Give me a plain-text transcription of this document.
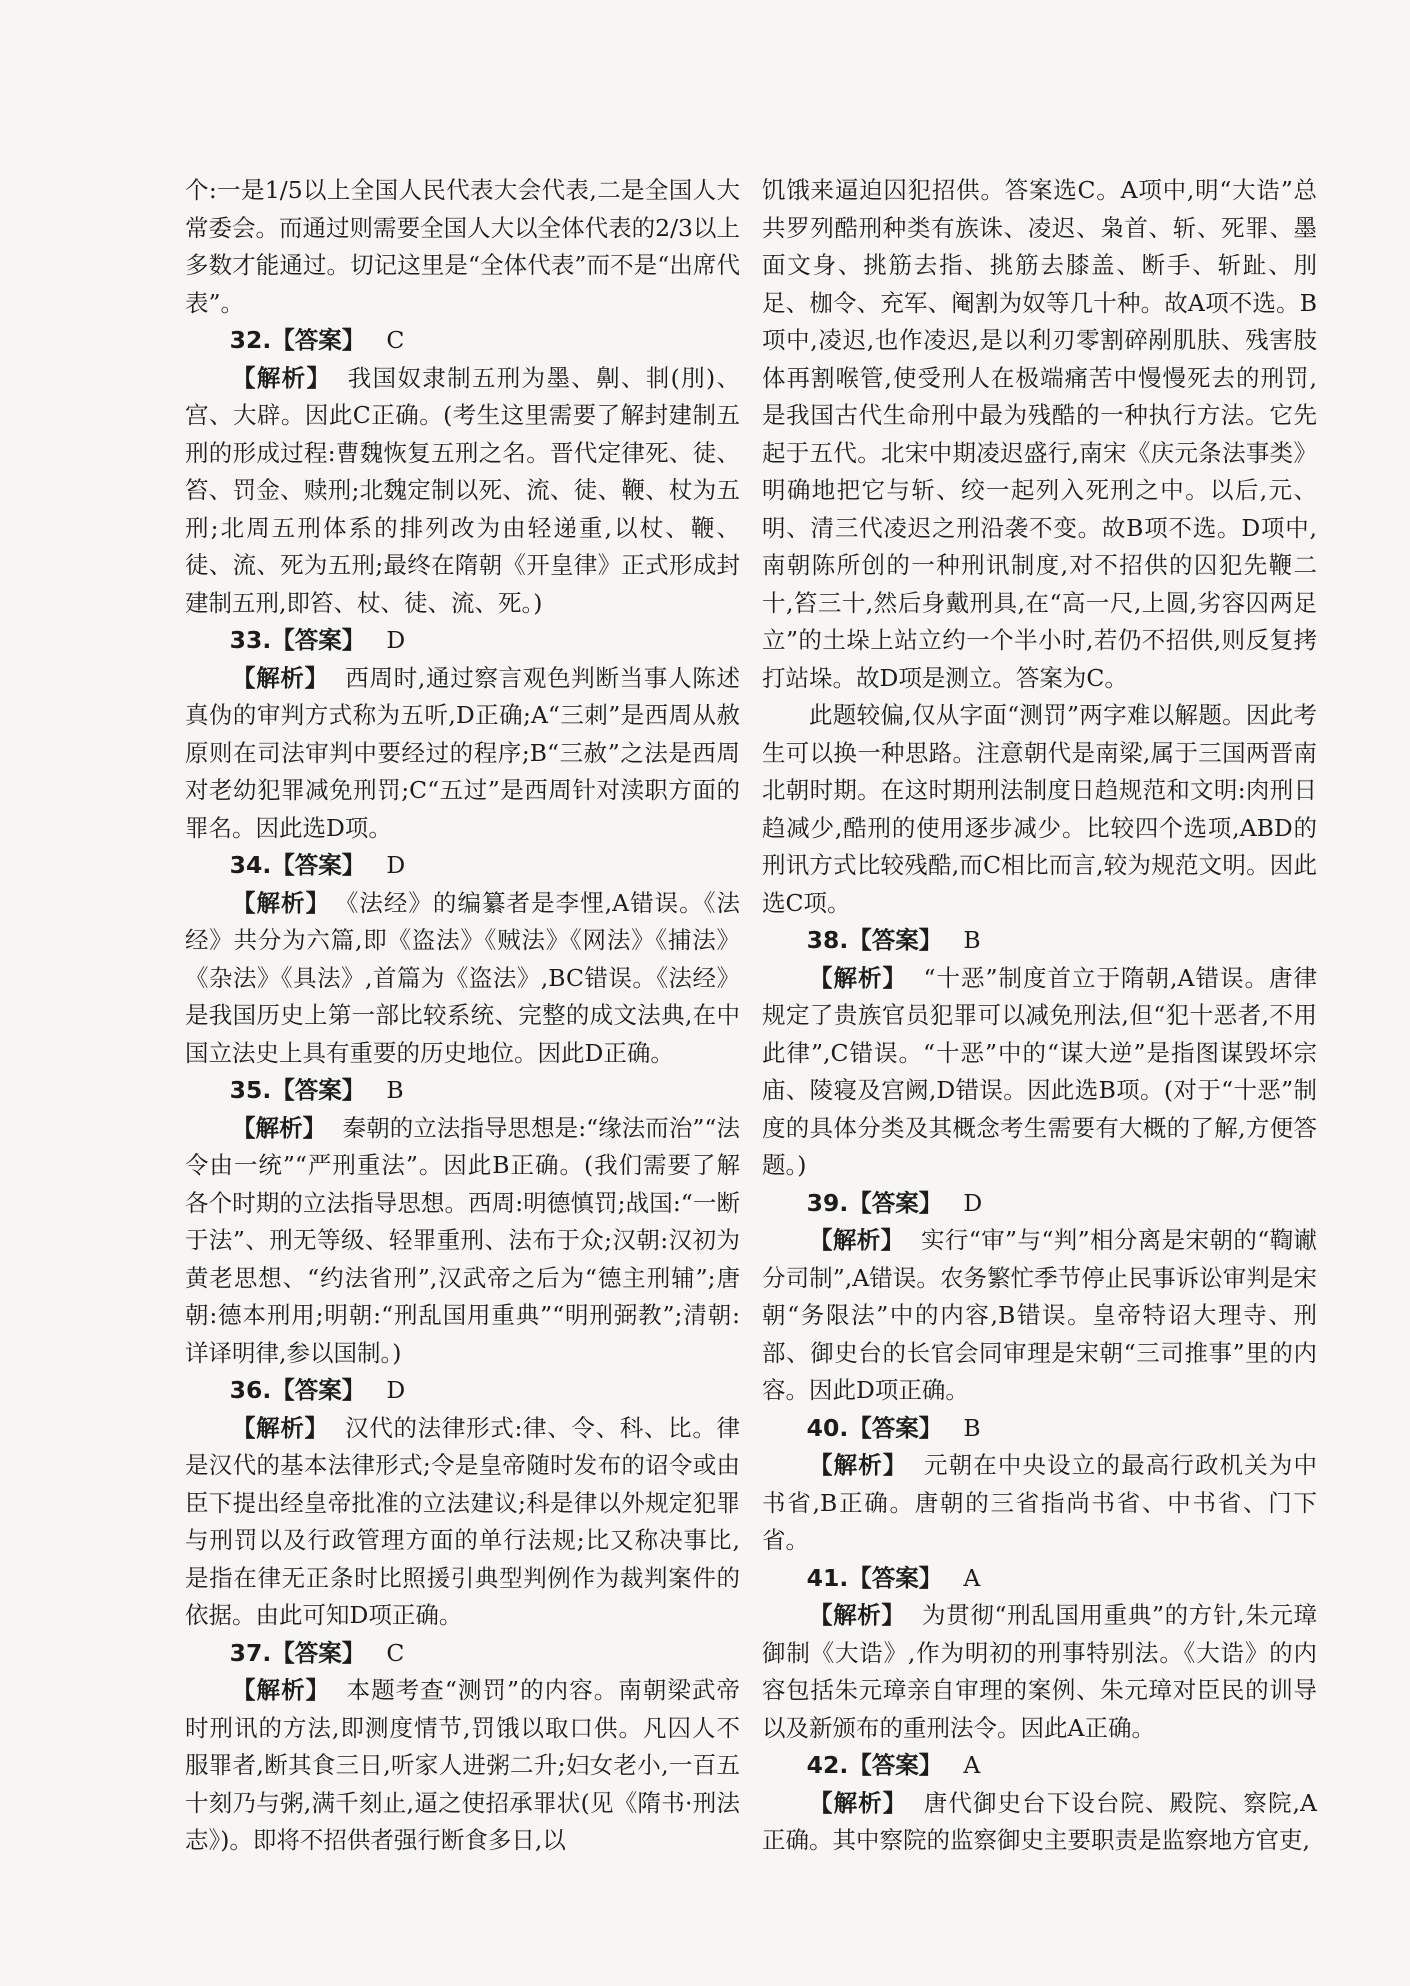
个:一是1/5以上全国人民代表大会代表,二是全国人大常委会。而通过则需要全国人大以全体代表的2/3以上多数才能通过。切记这里是“全体代表”而不是“出席代表”。

32.【答案】 C

【解析】 我国奴隶制五刑为墨、劓、剕(刖)、宫、大辟。因此C正确。(考生这里需要了解封建制五刑的形成过程:曹魏恢复五刑之名。晋代定律死、徒、笞、罚金、赎刑;北魏定制以死、流、徒、鞭、杖为五刑;北周五刑体系的排列改为由轻递重,以杖、鞭、徒、流、死为五刑;最终在隋朝《开皇律》正式形成封建制五刑,即笞、杖、徒、流、死。)

33.【答案】 D

【解析】 西周时,通过察言观色判断当事人陈述真伪的审判方式称为五听,D正确;A“三刺”是西周从赦原则在司法审判中要经过的程序;B“三赦”之法是西周对老幼犯罪减免刑罚;C“五过”是西周针对渎职方面的罪名。因此选D项。

34.【答案】 D

【解析】 《法经》的编纂者是李悝,A错误。《法经》共分为六篇,即《盗法》《贼法》《网法》《捕法》《杂法》《具法》,首篇为《盗法》,BC错误。《法经》是我国历史上第一部比较系统、完整的成文法典,在中国立法史上具有重要的历史地位。因此D正确。

35.【答案】 B

【解析】 秦朝的立法指导思想是:“缘法而治”“法令由一统”“严刑重法”。因此B正确。(我们需要了解各个时期的立法指导思想。西周:明德慎罚;战国:“一断于法”、刑无等级、轻罪重刑、法布于众;汉朝:汉初为黄老思想、“约法省刑”,汉武帝之后为“德主刑辅”;唐朝:德本刑用;明朝:“刑乱国用重典”“明刑弼教”;清朝:详译明律,参以国制。)

36.【答案】 D

【解析】 汉代的法律形式:律、令、科、比。律是汉代的基本法律形式;令是皇帝随时发布的诏令或由臣下提出经皇帝批准的立法建议;科是律以外规定犯罪与刑罚以及行政管理方面的单行法规;比又称决事比,是指在律无正条时比照援引典型判例作为裁判案件的依据。由此可知D项正确。

37.【答案】 C

【解析】 本题考查“测罚”的内容。南朝梁武帝时刑讯的方法,即测度情节,罚饿以取口供。凡囚人不服罪者,断其食三日,听家人进粥二升;妇女老小,一百五十刻乃与粥,满千刻止,逼之使招承罪状(见《隋书·刑法志》)。即将不招供者强行断食多日,以

饥饿来逼迫囚犯招供。答案选C。A项中,明“大诰”总共罗列酷刑种类有族诛、凌迟、枭首、斩、死罪、墨面文身、挑筋去指、挑筋去膝盖、断手、斩趾、刖足、枷令、充军、阉割为奴等几十种。故A项不选。B项中,凌迟,也作凌迟,是以利刃零割碎剐肌肤、残害肢体再割喉管,使受刑人在极端痛苦中慢慢死去的刑罚,是我国古代生命刑中最为残酷的一种执行方法。它先起于五代。北宋中期凌迟盛行,南宋《庆元条法事类》明确地把它与斩、绞一起列入死刑之中。以后,元、明、清三代凌迟之刑沿袭不变。故B项不选。D项中,南朝陈所创的一种刑讯制度,对不招供的囚犯先鞭二十,笞三十,然后身戴刑具,在“高一尺,上圆,劣容囚两足立”的土垛上站立约一个半小时,若仍不招供,则反复拷打站垛。故D项是测立。答案为C。

此题较偏,仅从字面“测罚”两字难以解题。因此考生可以换一种思路。注意朝代是南梁,属于三国两晋南北朝时期。在这时期刑法制度日趋规范和文明:肉刑日趋减少,酷刑的使用逐步减少。比较四个选项,ABD的刑讯方式比较残酷,而C相比而言,较为规范文明。因此选C项。

38.【答案】 B

【解析】 “十恶”制度首立于隋朝,A错误。唐律规定了贵族官员犯罪可以减免刑法,但“犯十恶者,不用此律”,C错误。“十恶”中的“谋大逆”是指图谋毁坏宗庙、陵寝及宫阙,D错误。因此选B项。(对于“十恶”制度的具体分类及其概念考生需要有大概的了解,方便答题。)

39.【答案】 D

【解析】 实行“审”与“判”相分离是宋朝的“鞫谳分司制”,A错误。农务繁忙季节停止民事诉讼审判是宋朝“务限法”中的内容,B错误。皇帝特诏大理寺、刑部、御史台的长官会同审理是宋朝“三司推事”里的内容。因此D项正确。

40.【答案】 B

【解析】 元朝在中央设立的最高行政机关为中书省,B正确。唐朝的三省指尚书省、中书省、门下省。

41.【答案】 A

【解析】 为贯彻“刑乱国用重典”的方针,朱元璋御制《大诰》,作为明初的刑事特别法。《大诰》的内容包括朱元璋亲自审理的案例、朱元璋对臣民的训导以及新颁布的重刑法令。因此A正确。

42.【答案】 A

【解析】 唐代御史台下设台院、殿院、察院,A正确。其中察院的监察御史主要职责是监察地方官吏,
